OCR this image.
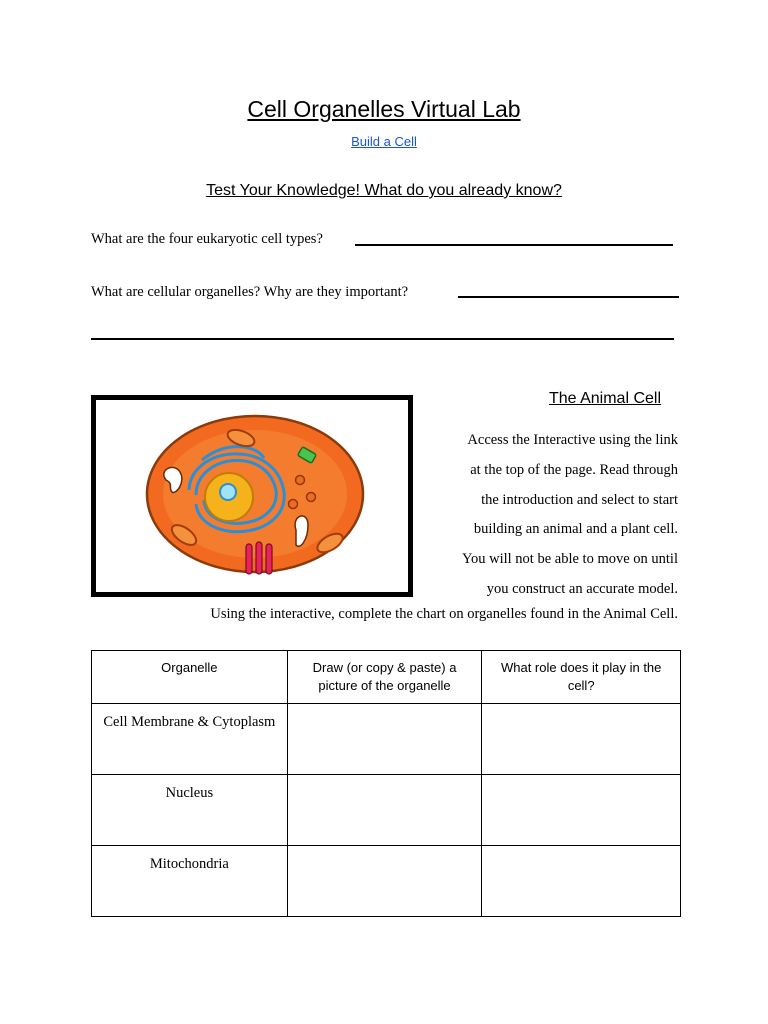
Cell Organelles Virtual Lab
Build a Cell
Test Your Knowledge! What do you already know?
What are the four eukaryotic cell types?
What are cellular organelles? Why are they important?
The Animal Cell
Access the Interactive using the link
at the top of the page. Read through
the introduction and select to start
building an animal and a plant cell.
You will not be able to move on until
you construct an accurate model.
Using the interactive, complete the chart on organelles found in the Animal Cell.
Organelle	Draw (or copy & paste) a picture of the organelle	What role does it play in the cell?
Cell Membrane & Cytoplasm		
Nucleus		
Mitochondria		
